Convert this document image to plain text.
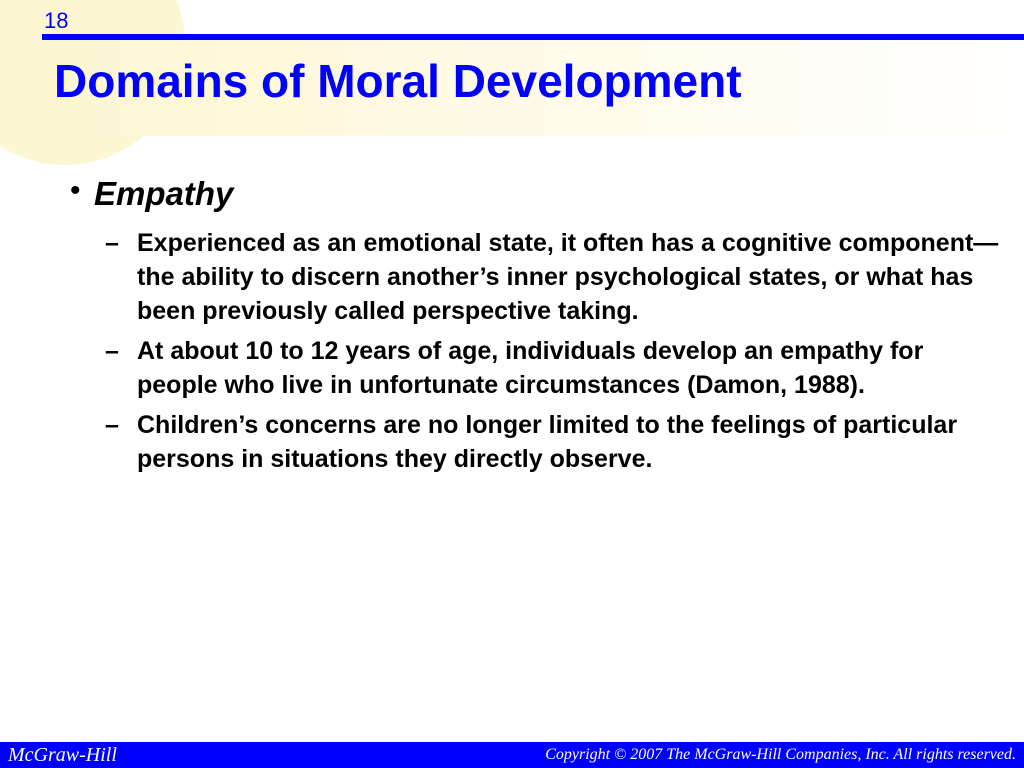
18
Domains of Moral Development
• Empathy
– Experienced as an emotional state, it often has a cognitive component—the ability to discern another’s inner psychological states, or what has been previously called perspective taking.
– At about 10 to 12 years of age, individuals develop an empathy for people who live in unfortunate circumstances (Damon, 1988).
– Children’s concerns are no longer limited to the feelings of particular persons in situations they directly observe.
McGraw-Hill	Copyright © 2007 The McGraw-Hill Companies, Inc. All rights reserved.
